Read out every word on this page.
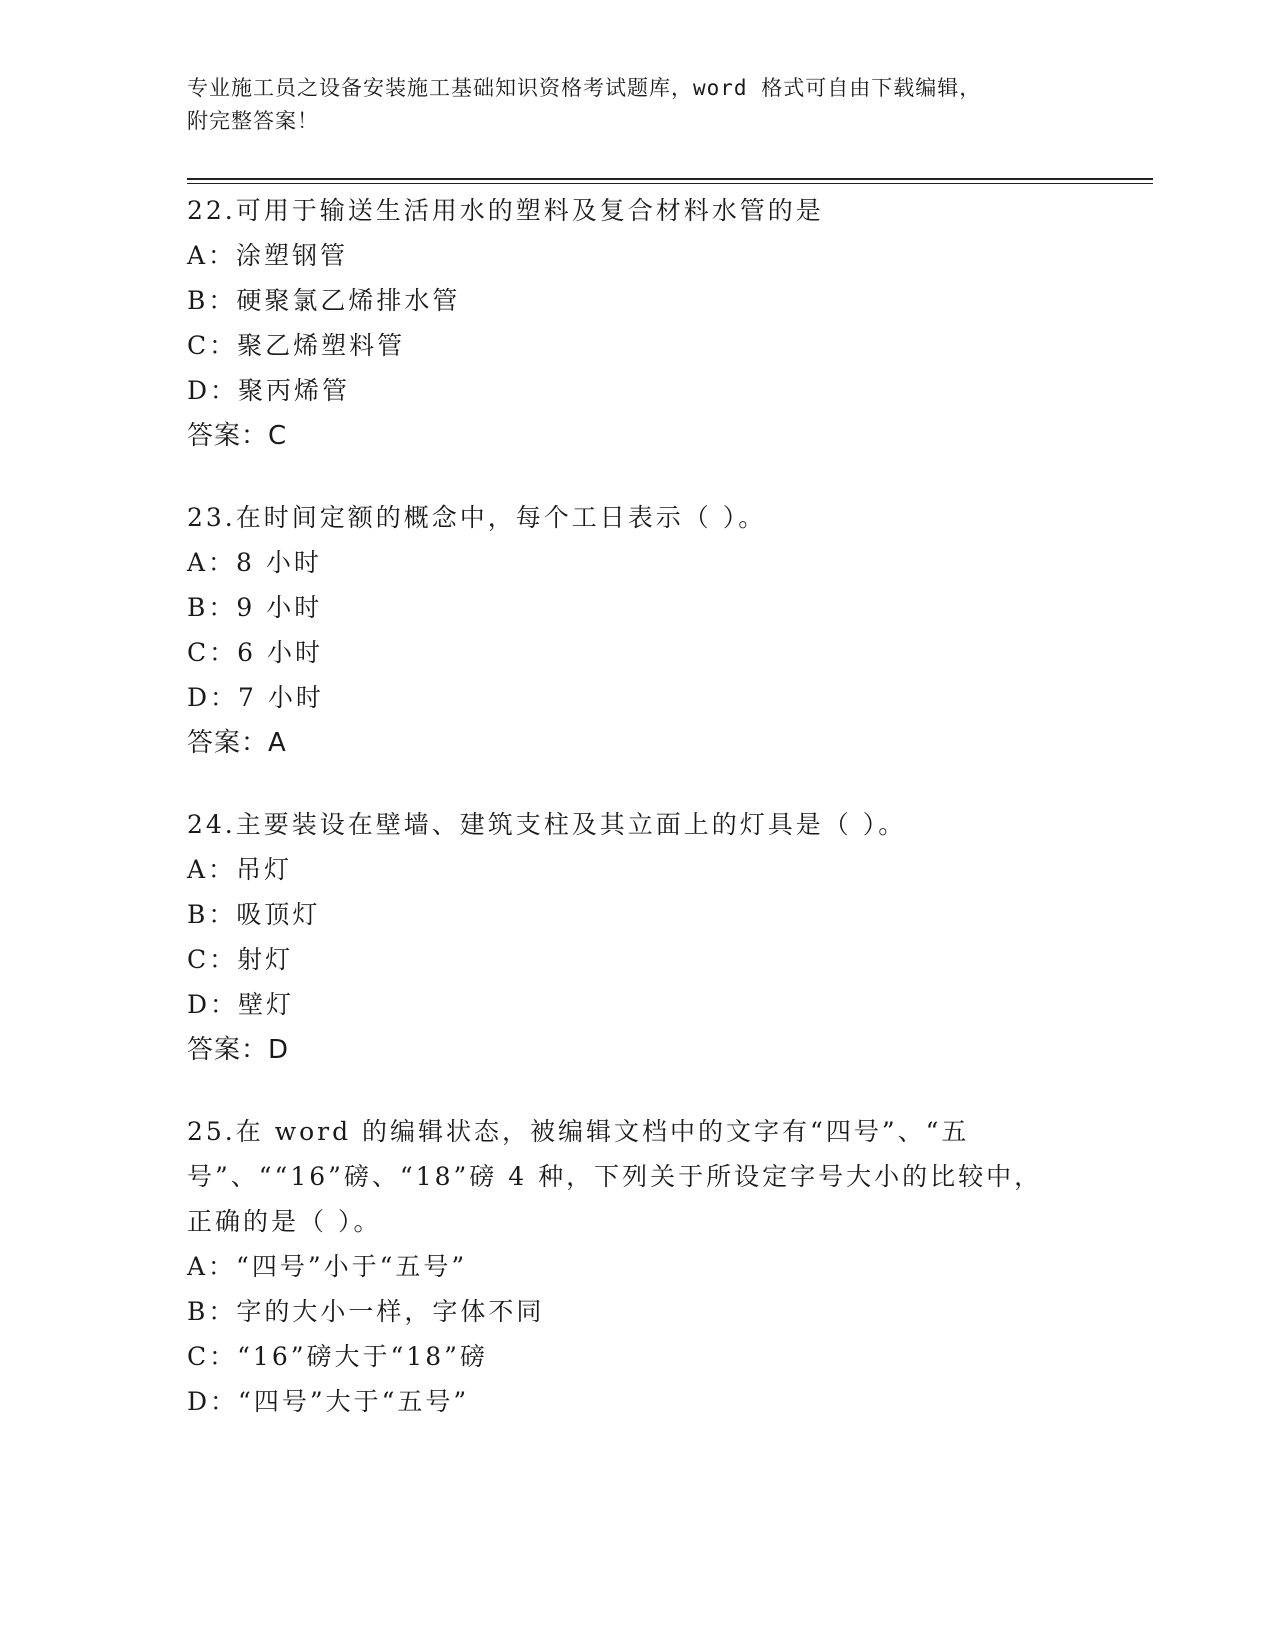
专业施工员之设备安装施工基础知识资格考试题库，word 格式可自由下载编辑，
附完整答案！
22.可用于输送生活用水的塑料及复合材料水管的是
A：涂塑钢管
B：硬聚氯乙烯排水管
C：聚乙烯塑料管
D：聚丙烯管
答案：C
23.在时间定额的概念中，每个工日表示（ ）。
A：8 小时
B：9 小时
C：6 小时
D：7 小时
答案：A
24.主要装设在壁墙、建筑支柱及其立面上的灯具是（ ）。
A：吊灯
B：吸顶灯
C：射灯
D：壁灯
答案：D
25.在 word 的编辑状态，被编辑文档中的文字有“四号”、“五号”、““16”磅、“18”磅 4 种，下列关于所设定字号大小的比较中，正确的是（ ）。
A：“四号”小于“五号”
B：字的大小一样，字体不同
C：“16”磅大于“18”磅
D：“四号”大于“五号”
